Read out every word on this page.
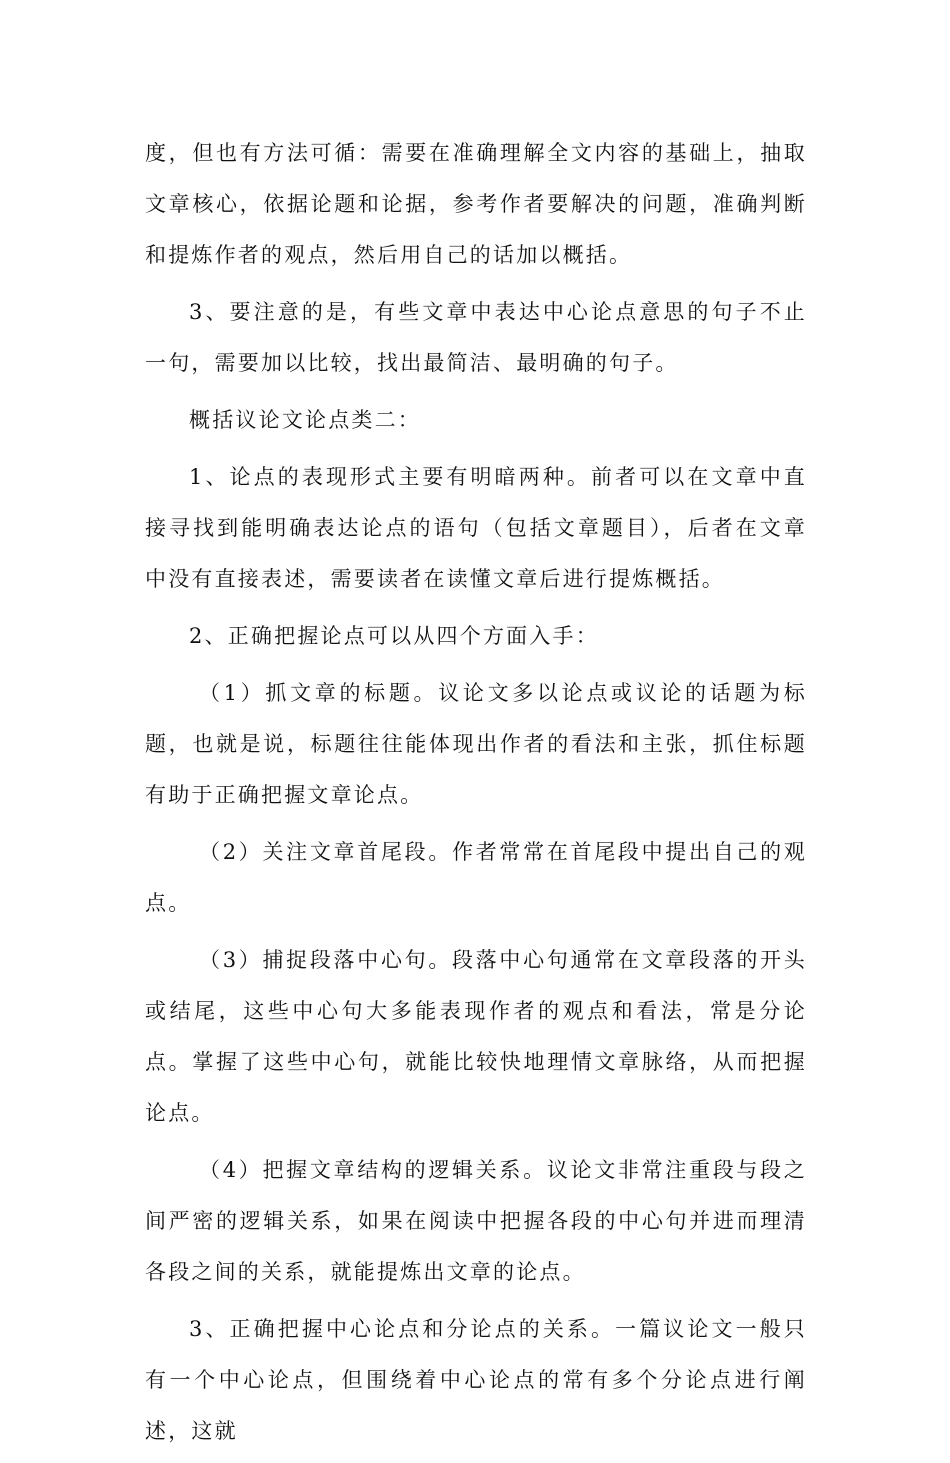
度，但也有方法可循：需要在准确理解全文内容的基础上，抽取文章核心，依据论题和论据，参考作者要解决的问题，准确判断和提炼作者的观点，然后用自己的话加以概括。

3、要注意的是，有些文章中表达中心论点意思的句子不止一句，需要加以比较，找出最简洁、最明确的句子。

概括议论文论点类二：

1、论点的表现形式主要有明暗两种。前者可以在文章中直接寻找到能明确表达论点的语句（包括文章题目），后者在文章中没有直接表述，需要读者在读懂文章后进行提炼概括。

2、正确把握论点可以从四个方面入手：

（1）抓文章的标题。议论文多以论点或议论的话题为标题，也就是说，标题往往能体现出作者的看法和主张，抓住标题有助于正确把握文章论点。

（2）关注文章首尾段。作者常常在首尾段中提出自己的观点。

（3）捕捉段落中心句。段落中心句通常在文章段落的开头或结尾，这些中心句大多能表现作者的观点和看法，常是分论点。掌握了这些中心句，就能比较快地理情文章脉络，从而把握论点。

（4）把握文章结构的逻辑关系。议论文非常注重段与段之间严密的逻辑关系，如果在阅读中把握各段的中心句并进而理清各段之间的关系，就能提炼出文章的论点。

3、正确把握中心论点和分论点的关系。一篇议论文一般只有一个中心论点，但围绕着中心论点的常有多个分论点进行阐述，这就
